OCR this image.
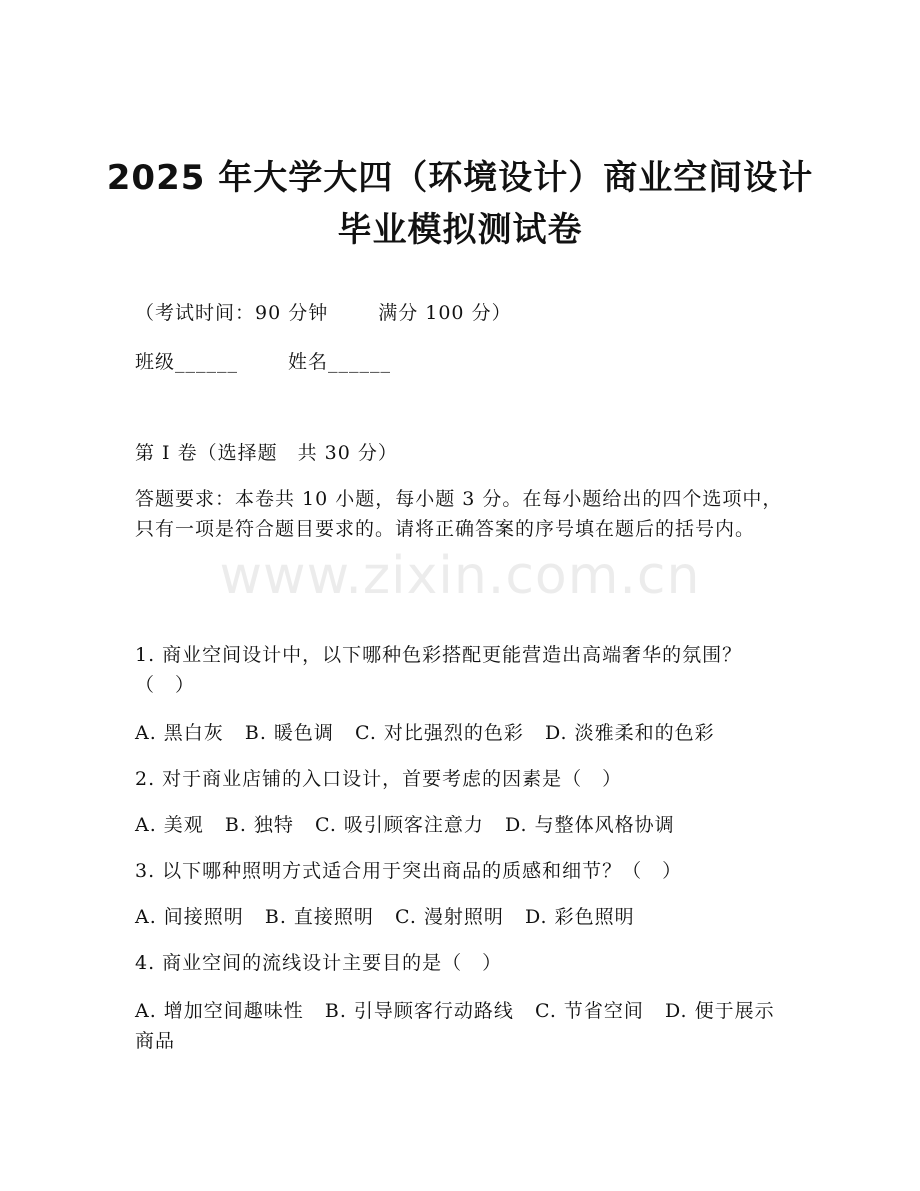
2025 年大学大四（环境设计）商业空间设计
毕业模拟测试卷
（考试时间：90 分钟	满分 100 分）
班级______	姓名______
第 I 卷（选择题　共 30 分）
答题要求：本卷共 10 小题，每小题 3 分。在每小题给出的四个选项中，只有一项是符合题目要求的。请将正确答案的序号填在题后的括号内。
www.zixin.com.cn
1. 商业空间设计中，以下哪种色彩搭配更能营造出高端奢华的氛围？（　）
A. 黑白灰 B. 暖色调 C. 对比强烈的色彩 D. 淡雅柔和的色彩
2. 对于商业店铺的入口设计，首要考虑的因素是（　）
A. 美观 B. 独特 C. 吸引顾客注意力 D. 与整体风格协调
3. 以下哪种照明方式适合用于突出商品的质感和细节？（　）
A. 间接照明 B. 直接照明 C. 漫射照明 D. 彩色照明
4. 商业空间的流线设计主要目的是（　）
A. 增加空间趣味性 B. 引导顾客行动路线 C. 节省空间 D. 便于展示商品
